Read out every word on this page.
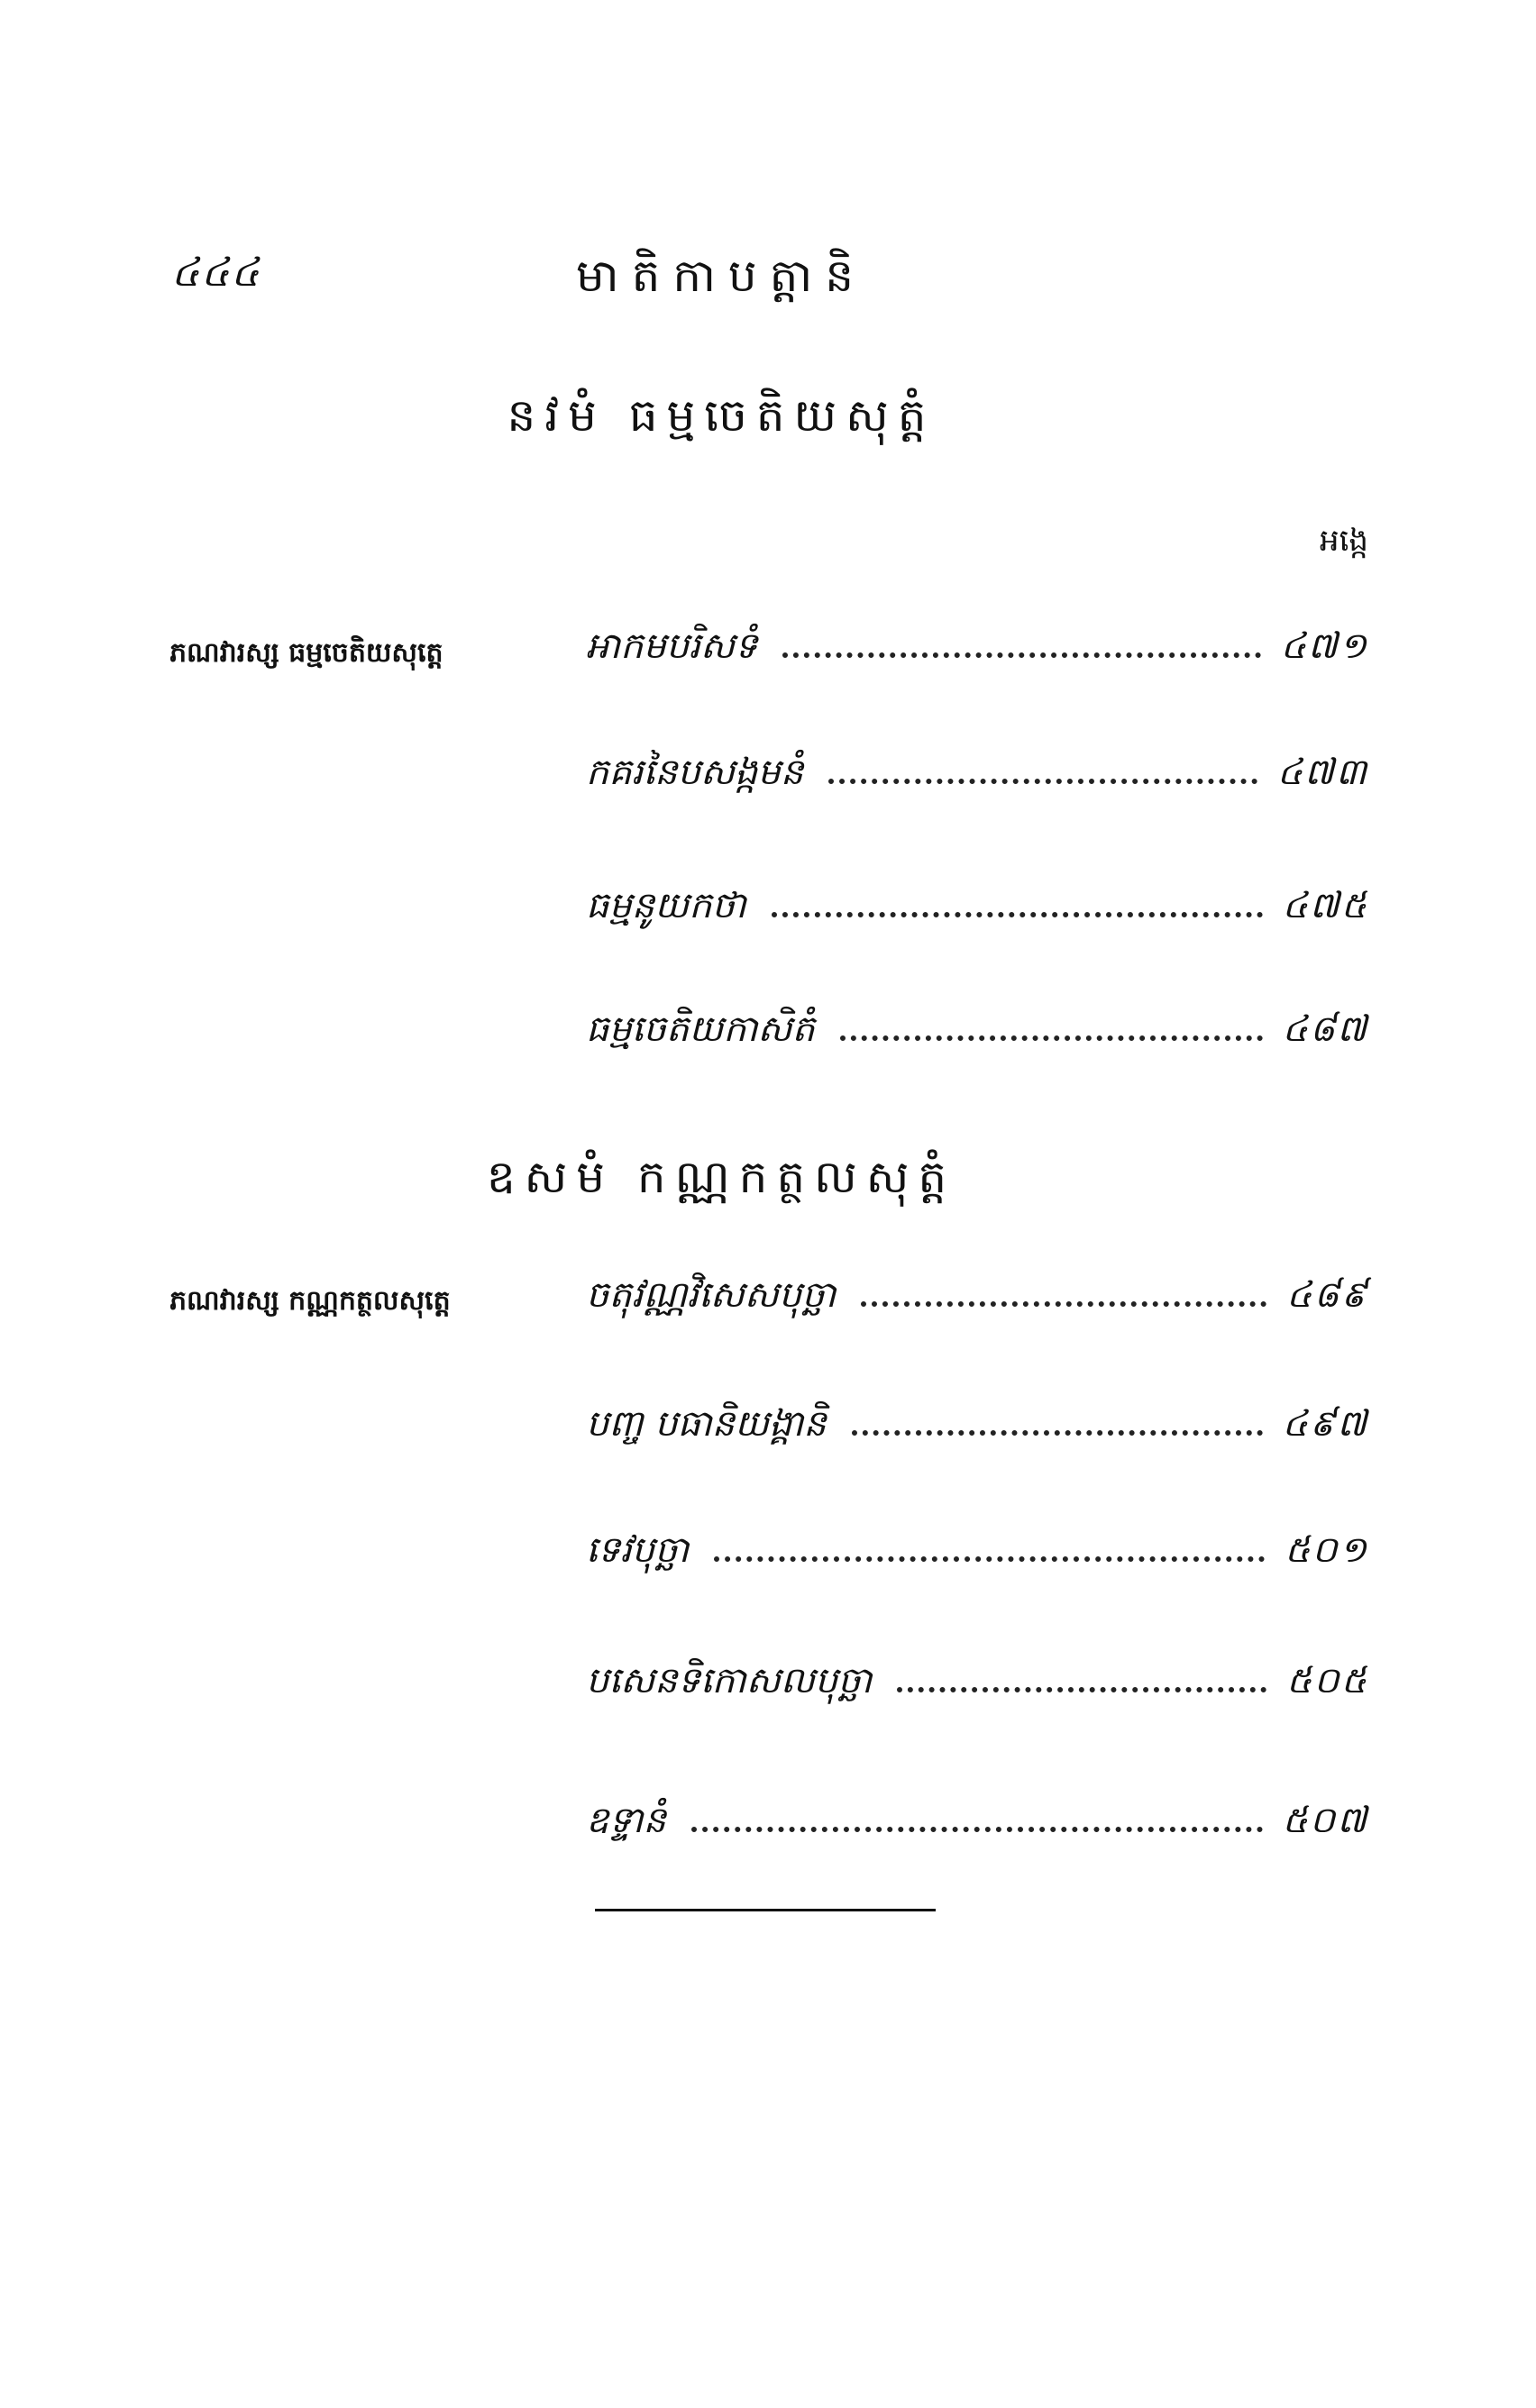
៤៤៤	មាតិកាបត្តានិ
នវមំ ធម្មចេតិយសុត្តំ
អង្កេ
ភណវារស្ស ធម្មចេតិយសុត្តេ	អាកមបរិសទំ	៤៧១
កគរនៃបសង្កមនំ	៤៧៣
ធម្មនូយកថា	៤៧៥
ធម្មចេតិយកាសិតំ	៤៨៧
ឧសមំ កណ្ណកត្ថលសុត្តំ
ភណវារស្ស កណ្ណកត្ថលសុត្តេ	ចតុវណ្ណវិសេសបុច្ឆា	៤៨៩
បញ្ច បធានិយង្គានិ	៤៩៧
ទេវបុច្ឆា	៥០១
បសេនទិកោសលបុច្ឆា	៥០៥
ឧទ្ទានំ	៥០៧
